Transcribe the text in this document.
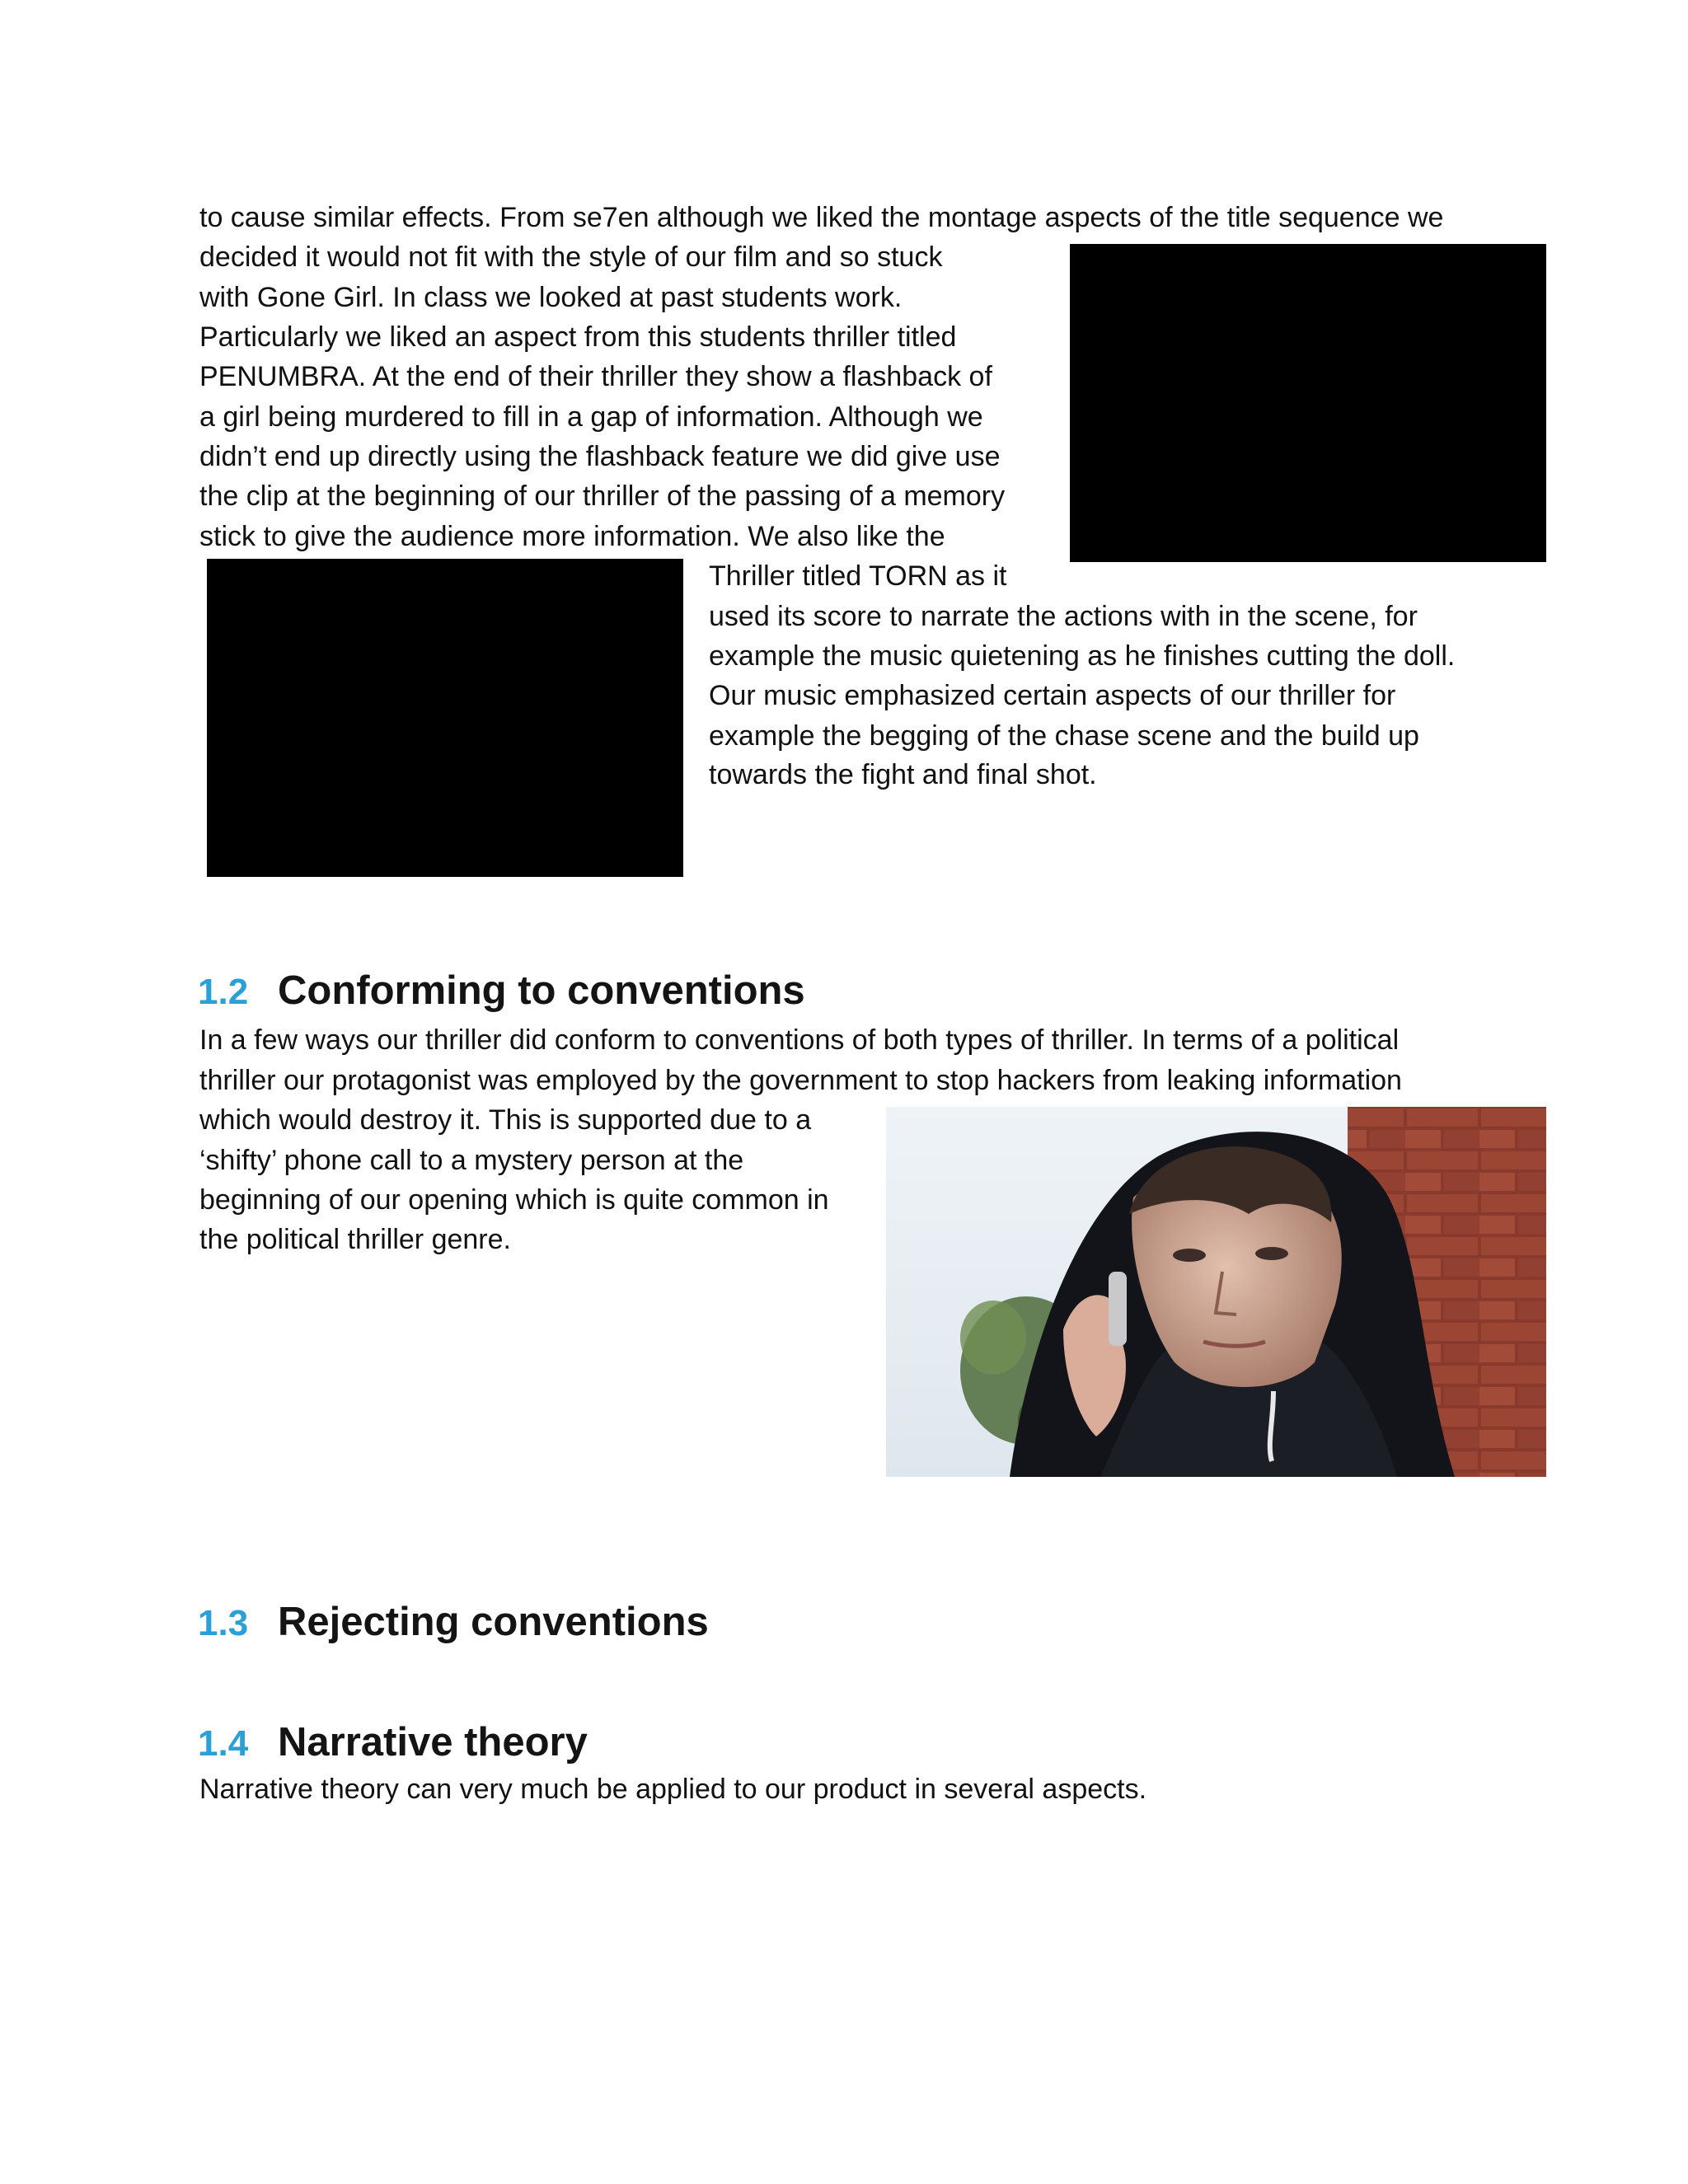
to cause similar effects. From se7en although we liked the montage aspects of the title sequence we
decided it would not fit with the style of our film and so stuck
with Gone Girl. In class we looked at past students work.
Particularly we liked an aspect from this students thriller titled
PENUMBRA. At the end of their thriller they show a flashback of
a girl being murdered to fill in a gap of information. Although we
didn’t end up directly using the flashback feature we did give use
the clip at the beginning of our thriller of the passing of a memory
stick to give the audience more information. We also like the
Thriller titled TORN as it
used its score to narrate the actions with in the scene, for
example the music quietening as he finishes cutting the doll.
Our music emphasized certain aspects of our thriller for
example the begging of the chase scene and the build up
towards the fight and final shot.
1.2 Conforming to conventions
In a few ways our thriller did conform to conventions of both types of thriller. In terms of a political
thriller our protagonist was employed by the government to stop hackers from leaking information
which would destroy it. This is supported due to a
‘shifty’ phone call to a mystery person at the
beginning of our opening which is quite common in
the political thriller genre.
1.3 Rejecting conventions
1.4 Narrative theory
Narrative theory can very much be applied to our product in several aspects.
